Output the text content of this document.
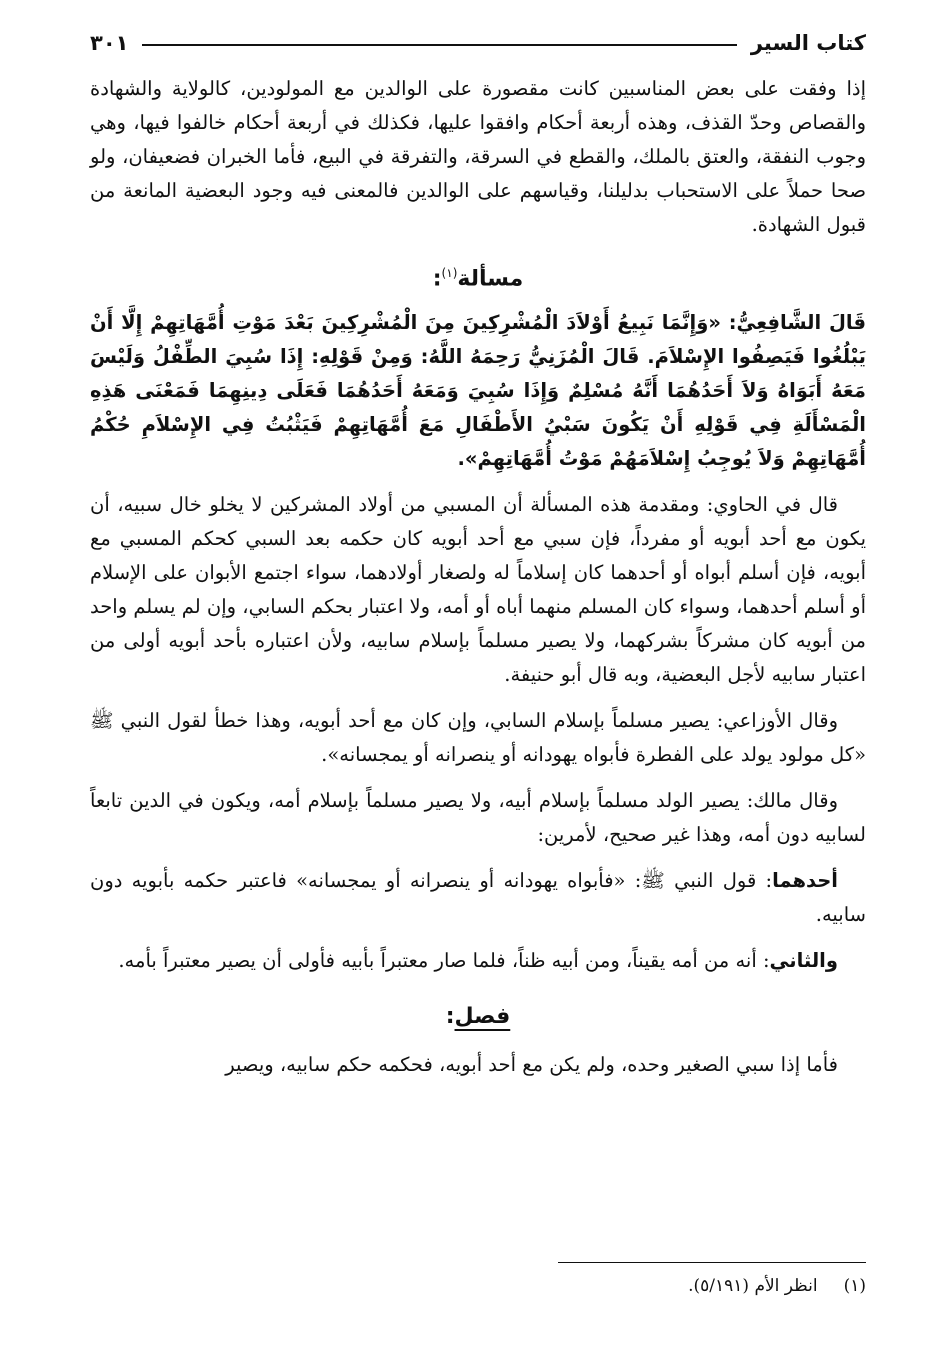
كتاب السير
٣٠١

إذا وفقت على بعض المناسبين كانت مقصورة على الوالدين مع المولودين، كالولاية والشهادة والقصاص وحدّ القذف، وهذه أربعة أحكام وافقوا عليها، فكذلك في أربعة أحكام خالفوا فيها، وهي وجوب النفقة، والعتق بالملك، والقطع في السرقة، والتفرقة في البيع، فأما الخبران فضعيفان، ولو صحا حملاً على الاستحباب بدليلنا، وقياسهم على الوالدين فالمعنى فيه وجود البعضية المانعة من قبول الشهادة.

مسألة$^{(١)}$:

قَالَ الشَّافِعِيُّ: «وَإِنَّمَا نَبِيعُ أَوْلاَدَ الْمُشْرِكِينَ مِنَ الْمُشْرِكِينَ بَعْدَ مَوْتِ أُمَّهَاتِهِمْ إِلَّا أَنْ يَبْلُغُوا فَيَصِفُوا الإِسْلاَمَ. قَالَ الْمُزَنِيُّ رَحِمَهُ اللَّهُ: وَمِنْ قَوْلِهِ: إِذَا سُبِيَ الطِّفْلُ وَلَيْسَ مَعَهُ أَبَوَاهُ وَلاَ أَحَدُهُمَا أَنَّهُ مُسْلِمٌ وَإِذَا سُبِيَ وَمَعَهُ أَحَدُهُمَا فَعَلَى دِينِهِمَا فَمَعْنَى هَذِهِ الْمَسْأَلَةِ فِي قَوْلِهِ أَنْ يَكُونَ سَبْيُ الأَطْفَالِ مَعَ أُمَّهَاتِهِمْ فَيَثْبُتُ فِي الإِسْلاَمِ حُكْمُ أُمَّهَاتِهِمْ وَلاَ يُوجِبُ إِسْلاَمَهُمْ مَوْتُ أُمَّهَاتِهِمْ».

قال في الحاوي: ومقدمة هذه المسألة أن المسبي من أولاد المشركين لا يخلو خال سبيه، أن يكون مع أحد أبويه أو مفرداً، فإن سبي مع أحد أبويه كان حكمه بعد السبي كحكم المسبي مع أبويه، فإن أسلم أبواه أو أحدهما كان إسلاماً له ولصغار أولادهما، سواء اجتمع الأبوان على الإسلام أو أسلم أحدهما، وسواء كان المسلم منهما أباه أو أمه، ولا اعتبار بحكم السابي، وإن لم يسلم واحد من أبويه كان مشركاً بشركهما، ولا يصير مسلماً بإسلام سابيه، ولأن اعتباره بأحد أبويه أولى من اعتبار سابيه لأجل البعضية، وبه قال أبو حنيفة.

وقال الأوزاعي: يصير مسلماً بإسلام السابي، وإن كان مع أحد أبويه، وهذا خطأ لقول النبي ﷺ «كل مولود يولد على الفطرة فأبواه يهودانه أو ينصرانه أو يمجسانه».

وقال مالك: يصير الولد مسلماً بإسلام أبيه، ولا يصير مسلماً بإسلام أمه، ويكون في الدين تابعاً لسابيه دون أمه، وهذا غير صحيح، لأمرين:

أحدهما: قول النبي ﷺ: «فأبواه يهودانه أو ينصرانه أو يمجسانه» فاعتبر حكمه بأبويه دون سابيه.

والثاني: أنه من أمه يقيناً، ومن أبيه ظناً، فلما صار معتبراً بأبيه فأولى أن يصير معتبراً بأمه.

فصل:

فأما إذا سبي الصغير وحده، ولم يكن مع أحد أبويه، فحكمه حكم سابيه، ويصير

(١)انظر الأم (٥/١٩١).
